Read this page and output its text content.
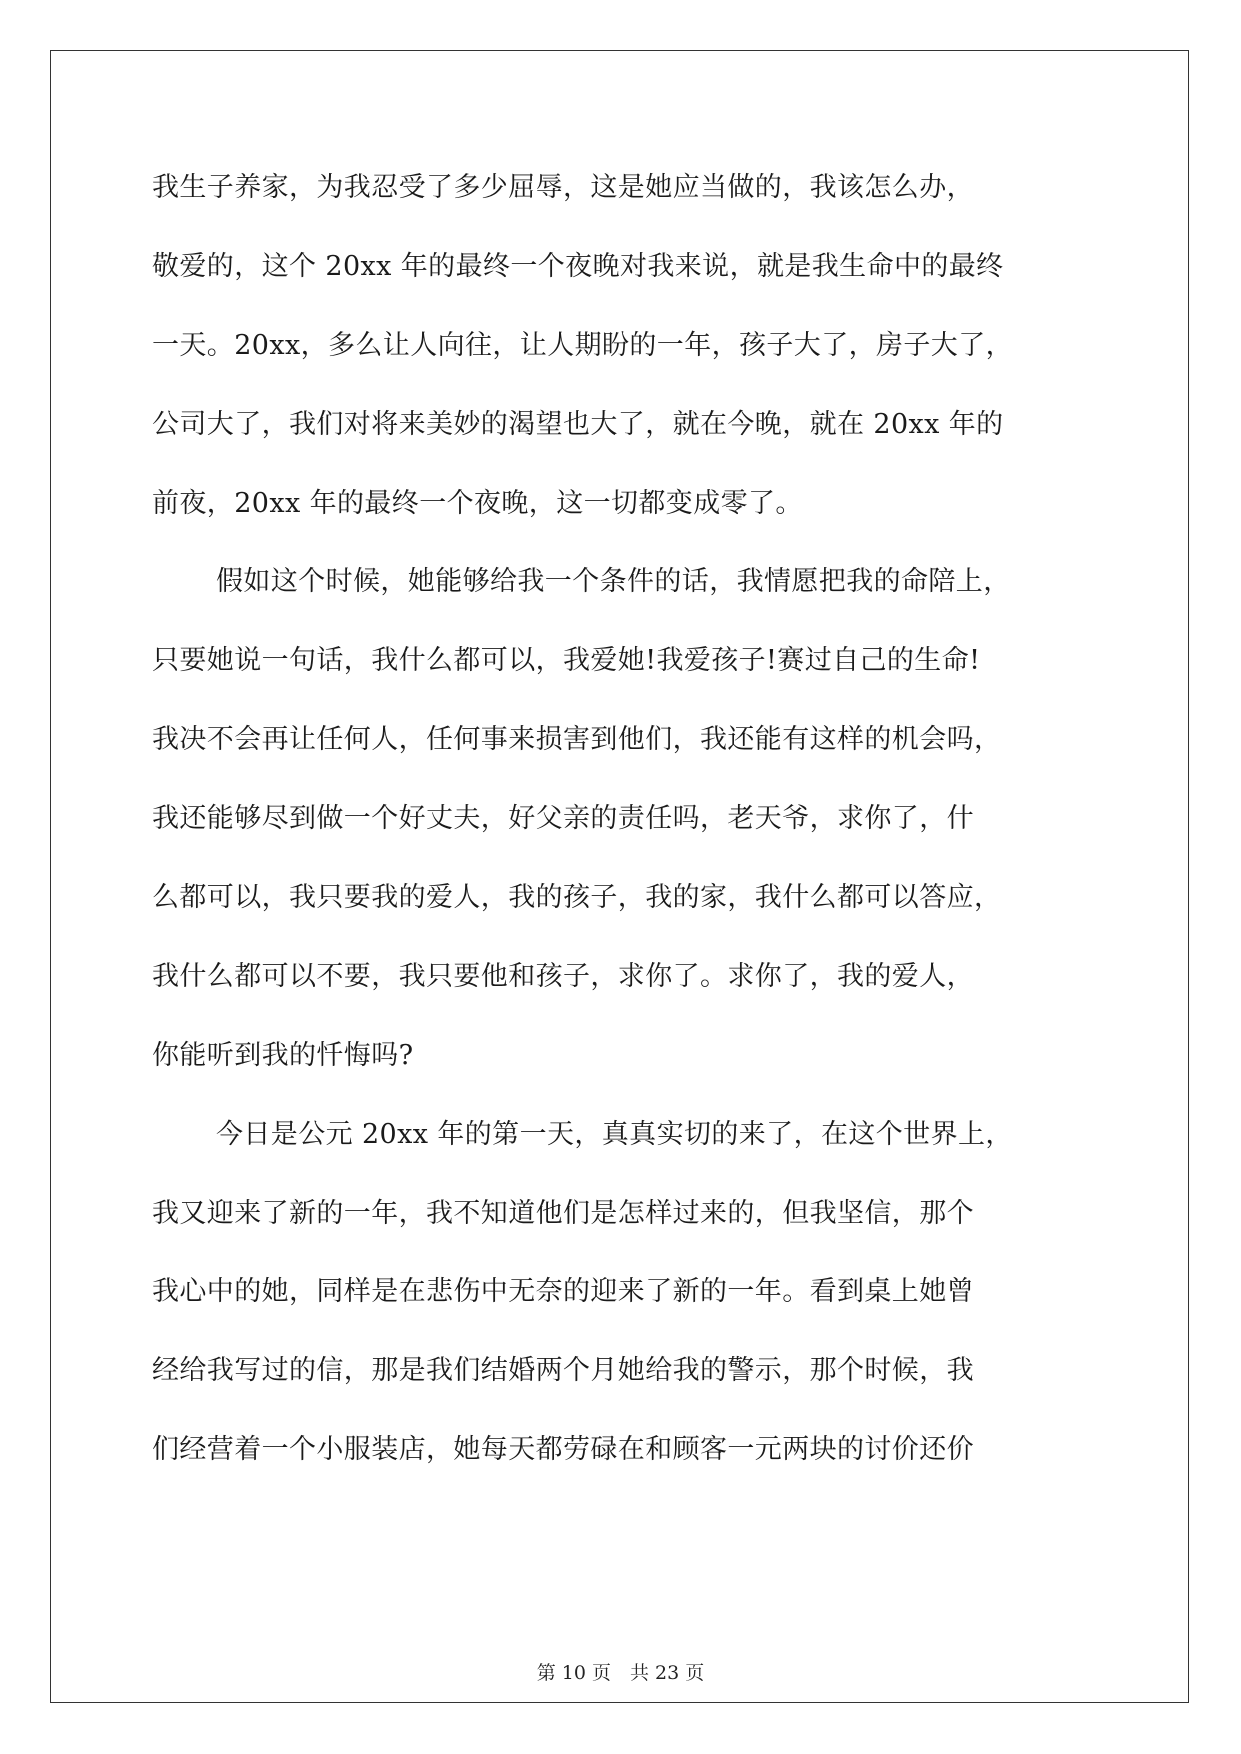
我生子养家，为我忍受了多少屈辱，这是她应当做的，我该怎么办，
敬爱的，这个 20xx 年的最终一个夜晚对我来说，就是我生命中的最终
一天。20xx，多么让人向往，让人期盼的一年，孩子大了，房子大了，
公司大了，我们对将来美妙的渴望也大了，就在今晚，就在 20xx 年的
前夜，20xx 年的最终一个夜晚，这一切都变成零了。
假如这个时候，她能够给我一个条件的话，我情愿把我的命陪上，
只要她说一句话，我什么都可以，我爱她!我爱孩子!赛过自己的生命!
我决不会再让任何人，任何事来损害到他们，我还能有这样的机会吗，
我还能够尽到做一个好丈夫，好父亲的责任吗，老天爷，求你了，什
么都可以，我只要我的爱人，我的孩子，我的家，我什么都可以答应，
我什么都可以不要，我只要他和孩子，求你了。求你了，我的爱人，
你能听到我的忏悔吗?
今日是公元 20xx 年的第一天，真真实切的来了，在这个世界上，
我又迎来了新的一年，我不知道他们是怎样过来的，但我坚信，那个
我心中的她，同样是在悲伤中无奈的迎来了新的一年。看到桌上她曾
经给我写过的信，那是我们结婚两个月她给我的警示，那个时候，我
们经营着一个小服装店，她每天都劳碌在和顾客一元两块的讨价还价
第 10 页　共 23 页
